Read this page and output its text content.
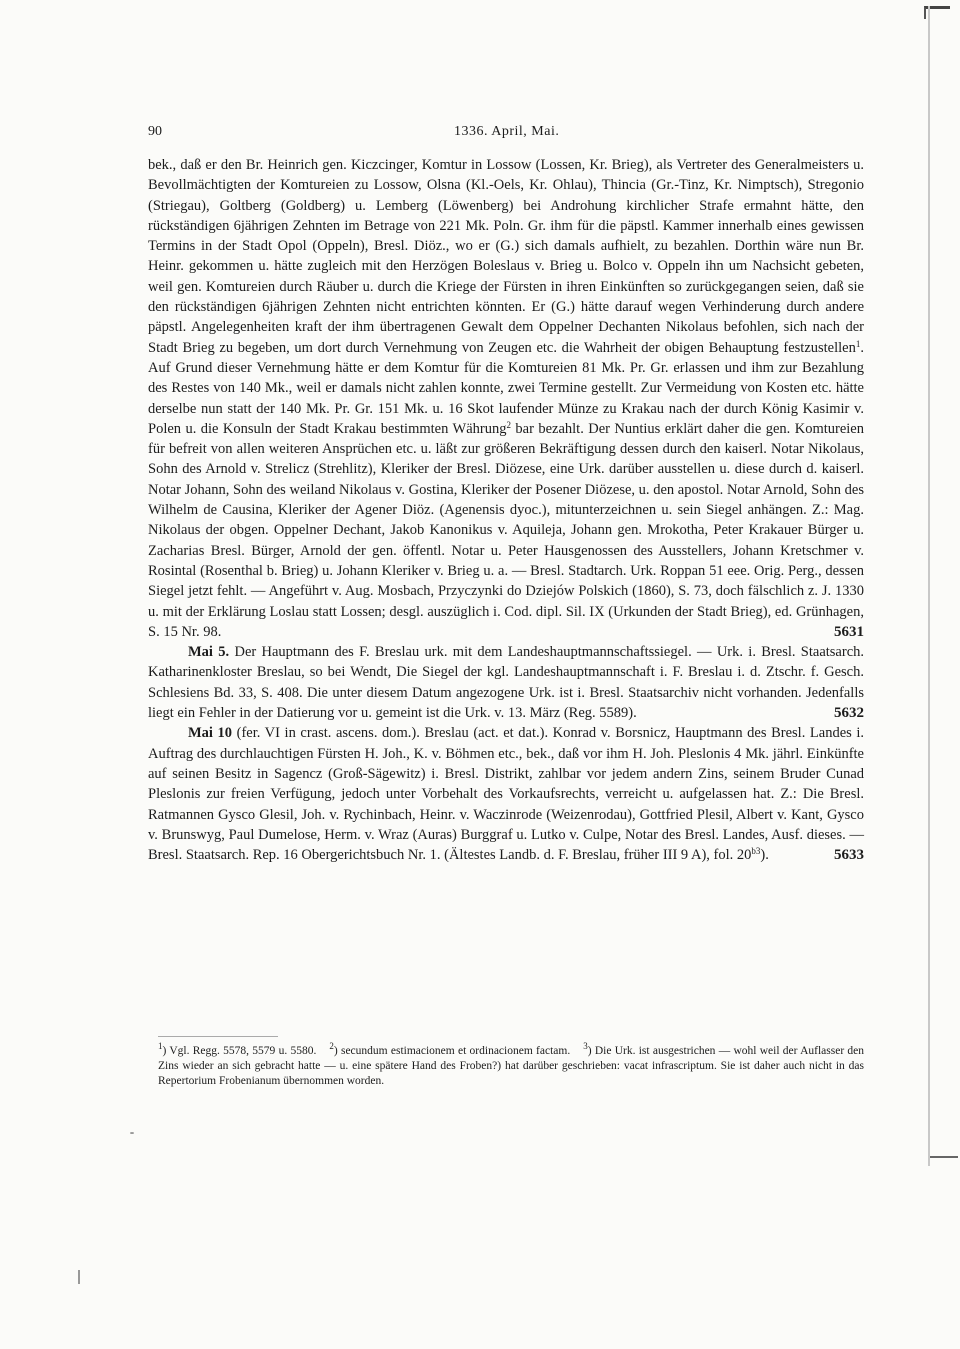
90	1336. April, Mai.

bek., daß er den Br. Heinrich gen. Kiczcinger, Komtur in Lossow (Lossen, Kr. Brieg), als Vertreter des Generalmeisters u. Bevollmächtigten der Komtureien zu Lossow, Olsna (Kl.-Oels, Kr. Ohlau), Thincia (Gr.-Tinz, Kr. Nimptsch), Stregonio (Striegau), Goltberg (Goldberg) u. Lemberg (Löwenberg) bei Androhung kirchlicher Strafe ermahnt hätte, den rückständigen 6jährigen Zehnten im Betrage von 221 Mk. Poln. Gr. ihm für die päpstl. Kammer innerhalb eines gewissen Termins in der Stadt Opol (Oppeln), Bresl. Diöz., wo er (G.) sich damals aufhielt, zu bezahlen. Dorthin wäre nun Br. Heinr. gekommen u. hätte zugleich mit den Herzögen Boleslaus v. Brieg u. Bolco v. Oppeln ihn um Nachsicht gebeten, weil gen. Komtureien durch Räuber u. durch die Kriege der Fürsten in ihren Einkünften so zurückgegangen seien, daß sie den rückständigen 6jährigen Zehnten nicht entrichten könnten. Er (G.) hätte darauf wegen Verhinderung durch andere päpstl. Angelegenheiten kraft der ihm übertragenen Gewalt dem Oppelner Dechanten Nikolaus befohlen, sich nach der Stadt Brieg zu begeben, um dort durch Vernehmung von Zeugen etc. die Wahrheit der obigen Behauptung festzustellen$^1$. Auf Grund dieser Vernehmung hätte er dem Komtur für die Komtureien 81 Mk. Pr. Gr. erlassen und ihm zur Bezahlung des Restes von 140 Mk., weil er damals nicht zahlen konnte, zwei Termine gestellt. Zur Vermeidung von Kosten etc. hätte derselbe nun statt der 140 Mk. Pr. Gr. 151 Mk. u. 16 Skot laufender Münze zu Krakau nach der durch König Kasimir v. Polen u. die Konsuln der Stadt Krakau bestimmten Währung$^2$ bar bezahlt. Der Nuntius erklärt daher die gen. Komtureien für befreit von allen weiteren Ansprüchen etc. u. läßt zur größeren Bekräftigung dessen durch den kaiserl. Notar Nikolaus, Sohn des Arnold v. Strelicz (Strehlitz), Kleriker der Bresl. Diözese, eine Urk. darüber ausstellen u. diese durch d. kaiserl. Notar Johann, Sohn des weiland Nikolaus v. Gostina, Kleriker der Posener Diözese, u. den apostol. Notar Arnold, Sohn des Wilhelm de Causina, Kleriker der Agener Diöz. (Agenensis dyoc.), mitunterzeichnen u. sein Siegel anhängen. Z.: Mag. Nikolaus der obgen. Oppelner Dechant, Jakob Kanonikus v. Aquileja, Johann gen. Mrokotha, Peter Krakauer Bürger u. Zacharias Bresl. Bürger, Arnold der gen. öffentl. Notar u. Peter Hausgenossen des Ausstellers, Johann Kretschmer v. Rosintal (Rosenthal b. Brieg) u. Johann Kleriker v. Brieg u. a. — Bresl. Stadtarch. Urk. Roppan 51 eee. Orig. Perg., dessen Siegel jetzt fehlt. — Angeführt v. Aug. Mosbach, Przyczynki do Dziejów Polskich (1860), S. 73, doch fälschlich z. J. 1330 u. mit der Erklärung Loslau statt Lossen; desgl. auszüglich i. Cod. dipl. Sil. IX (Urkunden der Stadt Brieg), ed. Grünhagen, S. 15 Nr. 98.	5631

Mai 5. Der Hauptmann des F. Breslau urk. mit dem Landeshauptmannschaftssiegel. — Urk. i. Bresl. Staatsarch. Katharinenkloster Breslau, so bei Wendt, Die Siegel der kgl. Landeshauptmannschaft i. F. Breslau i. d. Ztschr. f. Gesch. Schlesiens Bd. 33, S. 408. Die unter diesem Datum angezogene Urk. ist i. Bresl. Staatsarchiv nicht vorhanden. Jedenfalls liegt ein Fehler in der Datierung vor u. gemeint ist die Urk. v. 13. März (Reg. 5589).	5632

Mai 10 (fer. VI in crast. ascens. dom.). Breslau (act. et dat.). Konrad v. Borsnicz, Hauptmann des Bresl. Landes i. Auftrag des durchlauchtigen Fürsten H. Joh., K. v. Böhmen etc., bek., daß vor ihm H. Joh. Pleslonis 4 Mk. jährl. Einkünfte auf seinen Besitz in Sagencz (Groß-Sägewitz) i. Bresl. Distrikt, zahlbar vor jedem andern Zins, seinem Bruder Cunad Pleslonis zur freien Verfügung, jedoch unter Vorbehalt des Vorkaufsrechts, verreicht u. aufgelassen hat. Z.: Die Bresl. Ratmannen Gysco Glesil, Joh. v. Rychinbach, Heinr. v. Waczinrode (Weizenrodau), Gottfried Plesil, Albert v. Kant, Gysco v. Brunswyg, Paul Dumelose, Herm. v. Wraz (Auras) Burggraf u. Lutko v. Culpe, Notar des Bresl. Landes, Ausf. dieses. — Bresl. Staatsarch. Rep. 16 Obergerichtsbuch Nr. 1. (Ältestes Landb. d. F. Breslau, früher III 9 A), fol. $20^{b3}$).	5633

$^1$) Vgl. Regg. 5578, 5579 u. 5580. $^2$) secundum estimacionem et ordinacionem factam. $^3$) Die Urk. ist ausgestrichen — wohl weil der Auflasser den Zins wieder an sich gebracht hatte — u. eine spätere Hand des Froben?) hat darüber geschrieben: vacat infrascriptum. Sie ist daher auch nicht in das Repertorium Frobenianum übernommen worden.
